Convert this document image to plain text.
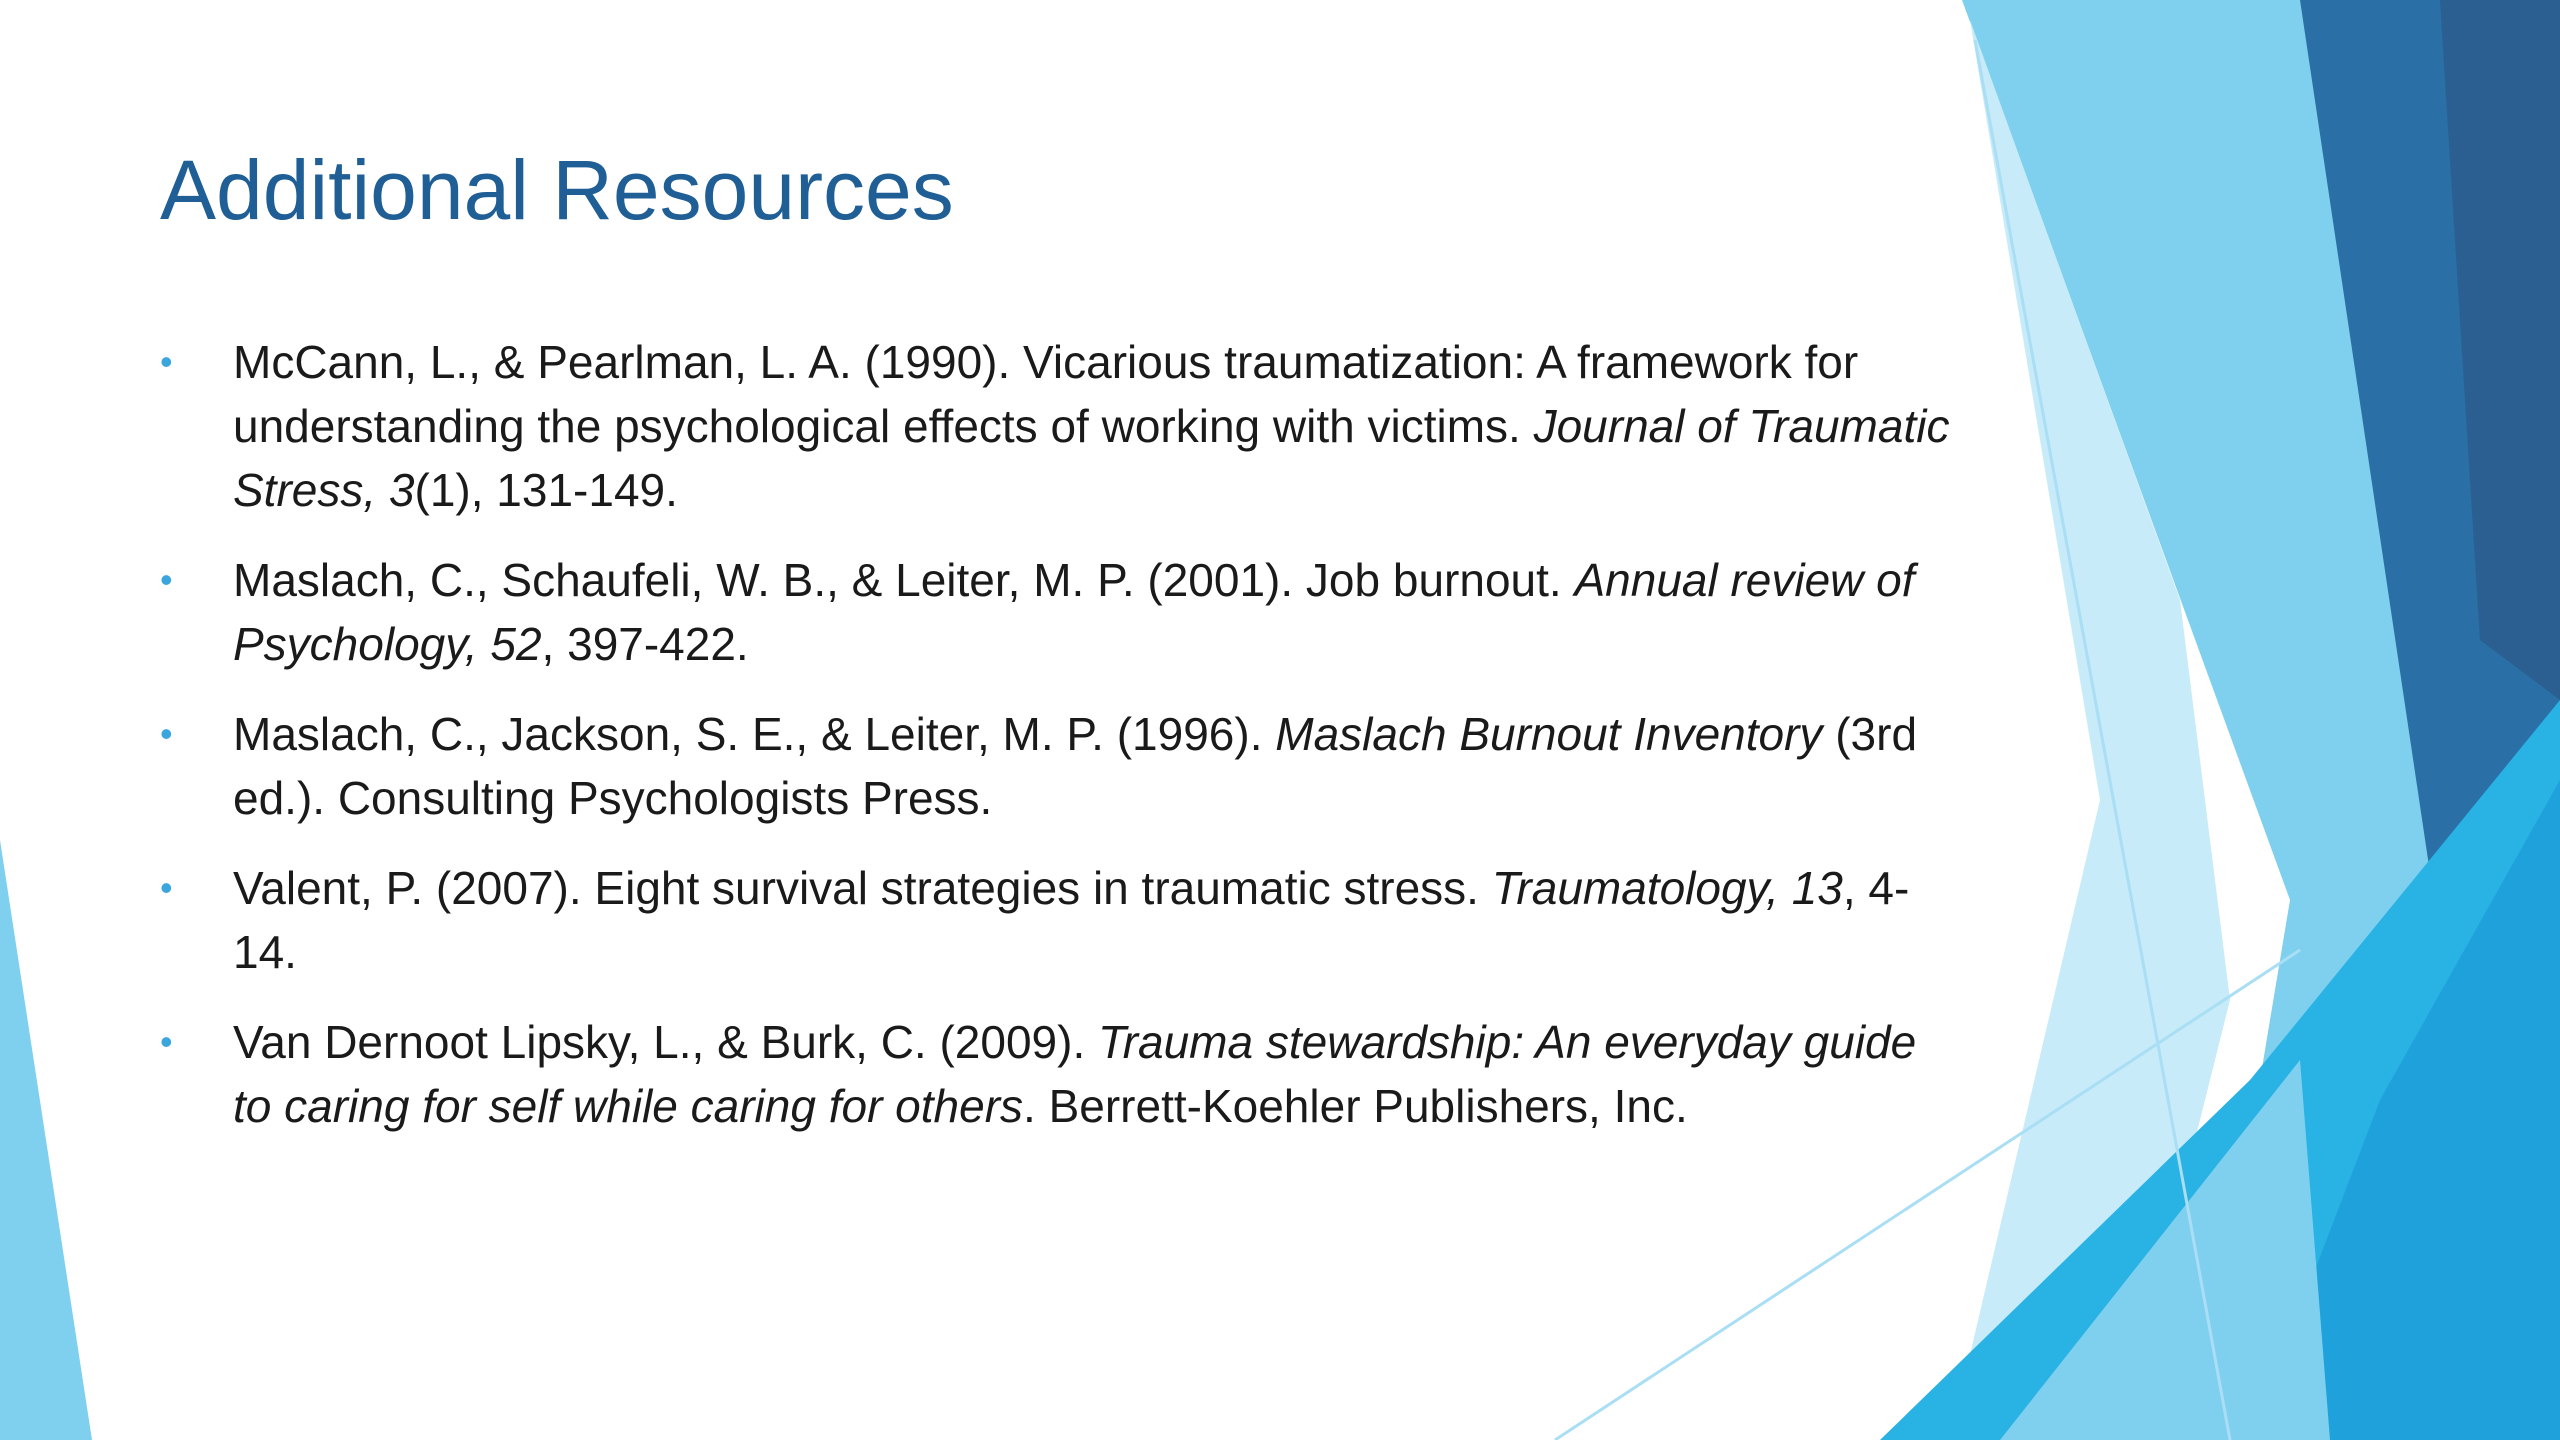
Additional Resources
• McCann, L., & Pearlman, L. A. (1990). Vicarious traumatization: A framework for understanding the psychological effects of working with victims. Journal of Traumatic Stress, 3(1), 131-149.
• Maslach, C., Schaufeli, W. B., & Leiter, M. P. (2001). Job burnout. Annual review of Psychology, 52, 397-422.
• Maslach, C., Jackson, S. E., & Leiter, M. P. (1996). Maslach Burnout Inventory (3rd ed.). Consulting Psychologists Press.
• Valent, P. (2007). Eight survival strategies in traumatic stress. Traumatology, 13, 4-14.
• Van Dernoot Lipsky, L., & Burk, C. (2009). Trauma stewardship: An everyday guide to caring for self while caring for others. Berrett-Koehler Publishers, Inc.
